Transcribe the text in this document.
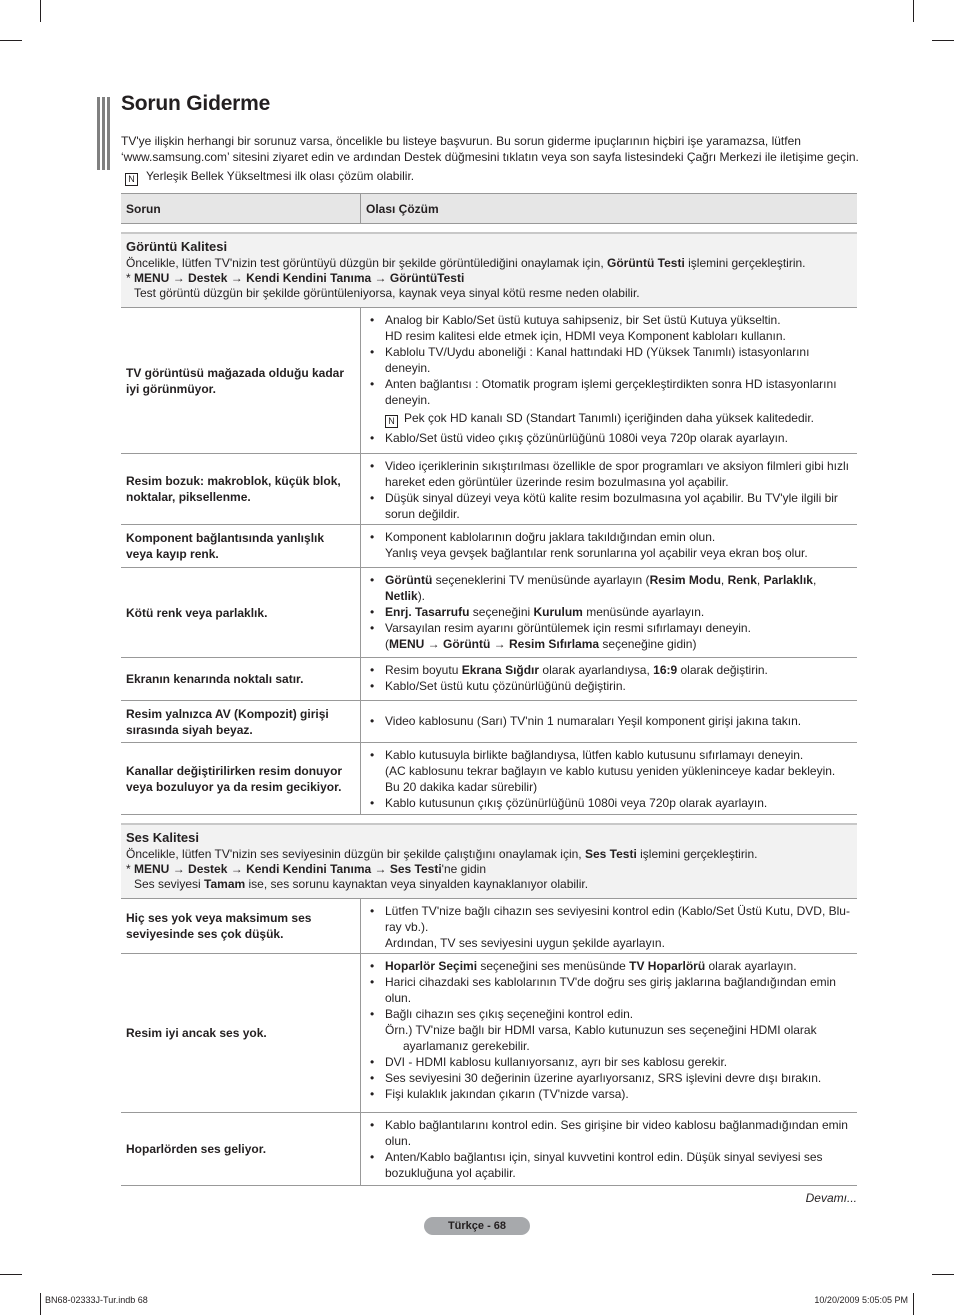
Sorun Giderme
TV'ye ilişkin herhangi bir sorunuz varsa, öncelikle bu listeye başvurun. Bu sorun giderme ipuçlarının hiçbiri işe yaramazsa, lütfen ‘www.samsung.com’ sitesini ziyaret edin ve ardından Destek düğmesini tıklatın veya son sayfa listesindeki Çağrı Merkezi ile iletişime geçin.
N Yerleşik Bellek Yükseltmesi ilk olası çözüm olabilir.
Sorun	Olası Çözüm
Görüntü Kalitesi
Öncelikle, lütfen TV'nizin test görüntüyü düzgün bir şekilde görüntülediğini onaylamak için, Görüntü Testi işlemini gerçekleştirin.
* MENU → Destek → Kendi Kendini Tanıma → GörüntüTesti
Test görüntü düzgün bir şekilde görüntüleniyorsa, kaynak veya sinyal kötü resme neden olabilir.
TV görüntüsü mağazada olduğu kadar iyi görünmüyor.
• Analog bir Kablo/Set üstü kutuya sahipseniz, bir Set üstü Kutuya yükseltin.
HD resim kalitesi elde etmek için, HDMI veya Komponent kabloları kullanın.
• Kablolu TV/Uydu aboneliği : Kanal hattındaki HD (Yüksek Tanımlı) istasyonlarını deneyin.
• Anten bağlantısı : Otomatik program işlemi gerçekleştirdikten sonra HD istasyonlarını deneyin.
N Pek çok HD kanalı SD (Standart Tanımlı) içeriğinden daha yüksek kalitededir.
• Kablo/Set üstü video çıkış çözünürlüğünü 1080i veya 720p olarak ayarlayın.
Resim bozuk: makroblok, küçük blok, noktalar, piksellenme.
• Video içeriklerinin sıkıştırılması özellikle de spor programları ve aksiyon filmleri gibi hızlı hareket eden görüntüler üzerinde resim bozulmasına yol açabilir.
• Düşük sinyal düzeyi veya kötü kalite resim bozulmasına yol açabilir. Bu TV'yle ilgili bir sorun değildir.
Komponent bağlantısında yanlışlık veya kayıp renk.
• Komponent kablolarının doğru jaklara takıldığından emin olun.
Yanlış veya gevşek bağlantılar renk sorunlarına yol açabilir veya ekran boş olur.
Kötü renk veya parlaklık.
• Görüntü seçeneklerini TV menüsünde ayarlayın (Resim Modu, Renk, Parlaklık, Netlik).
• Enrj. Tasarrufu seçeneğini Kurulum menüsünde ayarlayın.
• Varsayılan resim ayarını görüntülemek için resmi sıfırlamayı deneyin.
(MENU → Görüntü → Resim Sıfırlama seçeneğine gidin)
Ekranın kenarında noktalı satır.
• Resim boyutu Ekrana Sığdır olarak ayarlandıysa, 16:9 olarak değiştirin.
• Kablo/Set üstü kutu çözünürlüğünü değiştirin.
Resim yalnızca AV (Kompozit) girişi sırasında siyah beyaz.
• Video kablosunu (Sarı) TV'nin 1 numaraları Yeşil komponent girişi jakına takın.
Kanallar değiştirilirken resim donuyor veya bozuluyor ya da resim gecikiyor.
• Kablo kutusuyla birlikte bağlandıysa, lütfen kablo kutusunu sıfırlamayı deneyin.
(AC kablosunu tekrar bağlayın ve kablo kutusu yeniden yükleninceye kadar bekleyin. Bu 20 dakika kadar sürebilir)
• Kablo kutusunun çıkış çözünürlüğünü 1080i veya 720p olarak ayarlayın.
Ses Kalitesi
Öncelikle, lütfen TV'nizin ses seviyesinin düzgün bir şekilde çalıştığını onaylamak için, Ses Testi işlemini gerçekleştirin.
* MENU → Destek → Kendi Kendini Tanıma → Ses Testi'ne gidin
Ses seviyesi Tamam ise, ses sorunu kaynaktan veya sinyalden kaynaklanıyor olabilir.
Hiç ses yok veya maksimum ses seviyesinde ses çok düşük.
• Lütfen TV'nize bağlı cihazın ses seviyesini kontrol edin (Kablo/Set Üstü Kutu, DVD, Blu-ray vb.).
Ardından, TV ses seviyesini uygun şekilde ayarlayın.
Resim iyi ancak ses yok.
• Hoparlör Seçimi seçeneğini ses menüsünde TV Hoparlörü olarak ayarlayın.
• Harici cihazdaki ses kablolarının TV'de doğru ses giriş jaklarına bağlandığından emin olun.
• Bağlı cihazın ses çıkış seçeneğini kontrol edin.
Örn.) TV'nize bağlı bir HDMI varsa, Kablo kutunuzun ses seçeneğini HDMI olarak
ayarlamanız gerekebilir.
• DVI - HDMI kablosu kullanıyorsanız, ayrı bir ses kablosu gerekir.
• Ses seviyesini 30 değerinin üzerine ayarlıyorsanız, SRS işlevini devre dışı bırakın.
• Fişi kulaklık jakından çıkarın (TV'nizde varsa).
Hoparlörden ses geliyor.
• Kablo bağlantılarını kontrol edin. Ses girişine bir video kablosu bağlanmadığından emin olun.
• Anten/Kablo bağlantısı için, sinyal kuvvetini kontrol edin. Düşük sinyal seviyesi ses bozukluğuna yol açabilir.
Devamı...
Türkçe - 68
BN68-02333J-Tur.indb 68	10/20/2009 5:05:05 PM
